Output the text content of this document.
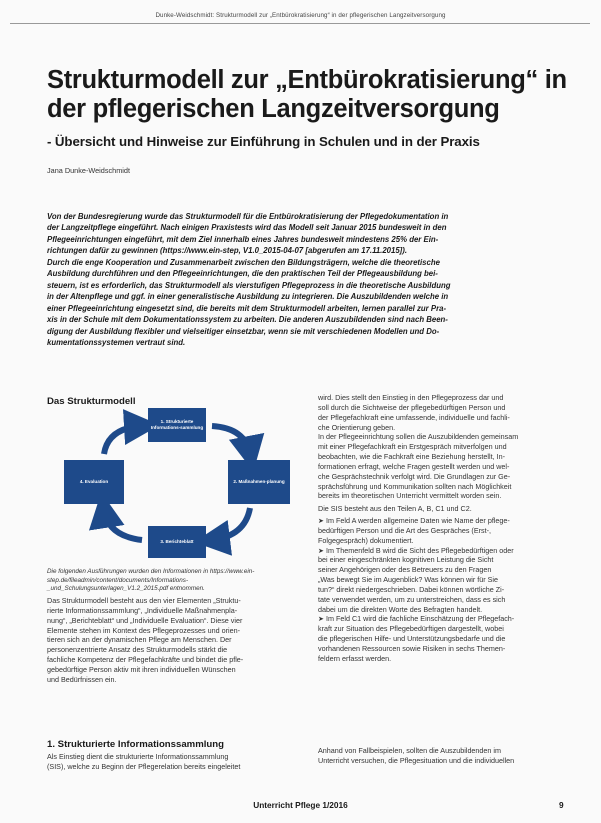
Dunke-Weidschmidt: Strukturmodell zur „Entbürokratisierung“ in der pflegerischen Langzeitversorgung
Strukturmodell zur „Entbürokratisierung“ in
der pflegerischen Langzeitversorgung
- Übersicht und Hinweise zur Einführung in Schulen und in der Praxis
Jana Dunke-Weidschmidt
Von der Bundesregierung wurde das Strukturmodell für die Entbürokratisierung der Pflegedokumentation in
der Langzeitpflege eingeführt. Nach einigen Praxistests wird das Modell seit Januar 2015 bundesweit in den
Pflegeeinrichtungen eingeführt, mit dem Ziel innerhalb eines Jahres bundesweit mindestens 25% der Ein-
richtungen dafür zu gewinnen (https://www.ein-step, V1.0_2015-04-07 [abgerufen am 17.11.2015]).
Durch die enge Kooperation und Zusammenarbeit zwischen den Bildungsträgern, welche die theoretische
Ausbildung durchführen und den Pflegeeinrichtungen, die den praktischen Teil der Pflegeausbildung bei-
steuern, ist es erforderlich, das Strukturmodell als vierstufigen Pflegeprozess in die theoretische Ausbildung
in der Altenpflege und ggf. in einer generalistische Ausbildung zu integrieren. Die Auszubildenden welche in
einer Pflegeeinrichtung eingesetzt sind, die bereits mit dem Strukturmodell arbeiten, lernen parallel zur Pra-
xis in der Schule mit dem Dokumentationssystem zu arbeiten. Die anderen Auszubildenden sind nach Been-
digung der Ausbildung flexibler und vielseitiger einsetzbar, wenn sie mit verschiedenen Modellen und Do-
kumentationssystemen vertraut sind.
Das Strukturmodell
1. Strukturierte Informations-sammlung
2. Maßnahmen-planung
3. Berichteblatt
4. Evaluation
Die folgenden Ausführungen wurden den Informationen in https://www.ein-
step.de/fileadmin/content/documents/Informations-
_und_Schulungsunterlagen_V1.2_2015.pdf entnommen.
Das Strukturmodell besteht aus den vier Elementen „Struktu-
rierte Informationssammlung“, „Individuelle Maßnahmenpla-
nung“, „Berichteblatt“ und „Individuelle Evaluation“. Diese vier
Elemente stehen im Kontext des Pflegeprozesses und orien-
tieren sich an der dynamischen Pflege am Menschen. Der
personenzentrierte Ansatz des Strukturmodells stärkt die
fachliche Kompetenz der Pflegefachkräfte und bindet die pfle-
gebedürftige Person aktiv mit ihren individuellen Wünschen
und Bedürfnissen ein.
1. Strukturierte Informationssammlung
Als Einstieg dient die strukturierte Informationssammlung
(SIS), welche zu Beginn der Pflegerelation bereits eingeleitet
wird. Dies stellt den Einstieg in den Pflegeprozess dar und
soll durch die Sichtweise der pflegebedürftigen Person und
der Pflegefachkraft eine umfassende, individuelle und fachli-
che Orientierung geben.
In der Pflegeeinrichtung sollen die Auszubildenden gemeinsam
mit einer Pflegefachkraft ein Erstgespräch mitverfolgen und
beobachten, wie die Fachkraft eine Beziehung herstellt, In-
formationen erfragt, welche Fragen gestellt werden und wel-
che Gesprächstechnik verfolgt wird. Die Grundlagen zur Ge-
sprächsführung und Kommunikation sollten nach Möglichkeit
bereits im theoretischen Unterricht vermittelt worden sein.
Die SIS besteht aus den Teilen A, B, C1 und C2.
➤ Im Feld A werden allgemeine Daten wie Name der pflege-
bedürftigen Person und die Art des Gespräches (Erst-,
Folgegespräch) dokumentiert.
➤ Im Themenfeld B wird die Sicht des Pflegebedürftigen oder
bei einer eingeschränkten kognitiven Leistung die Sicht
seiner Angehörigen oder des Betreuers zu den Fragen
„Was bewegt Sie im Augenblick? Was können wir für Sie
tun?“ direkt niedergeschrieben. Dabei können wörtliche Zi-
tate verwendet werden, um zu unterstreichen, dass es sich
dabei um die direkten Worte des Befragten handelt.
➤ Im Feld C1 wird die fachliche Einschätzung der Pflegefach-
kraft zur Situation des Pflegebedürftigen dargestellt, wobei
die pflegerischen Hilfe- und Unterstützungsbedarfe und die
vorhandenen Ressourcen sowie Risiken in sechs Themen-
feldern erfasst werden.
Anhand von Fallbeispielen, sollten die Auszubildenden im
Unterricht versuchen, die Pflegesituation und die individuellen
Unterricht Pflege 1/2016	9
